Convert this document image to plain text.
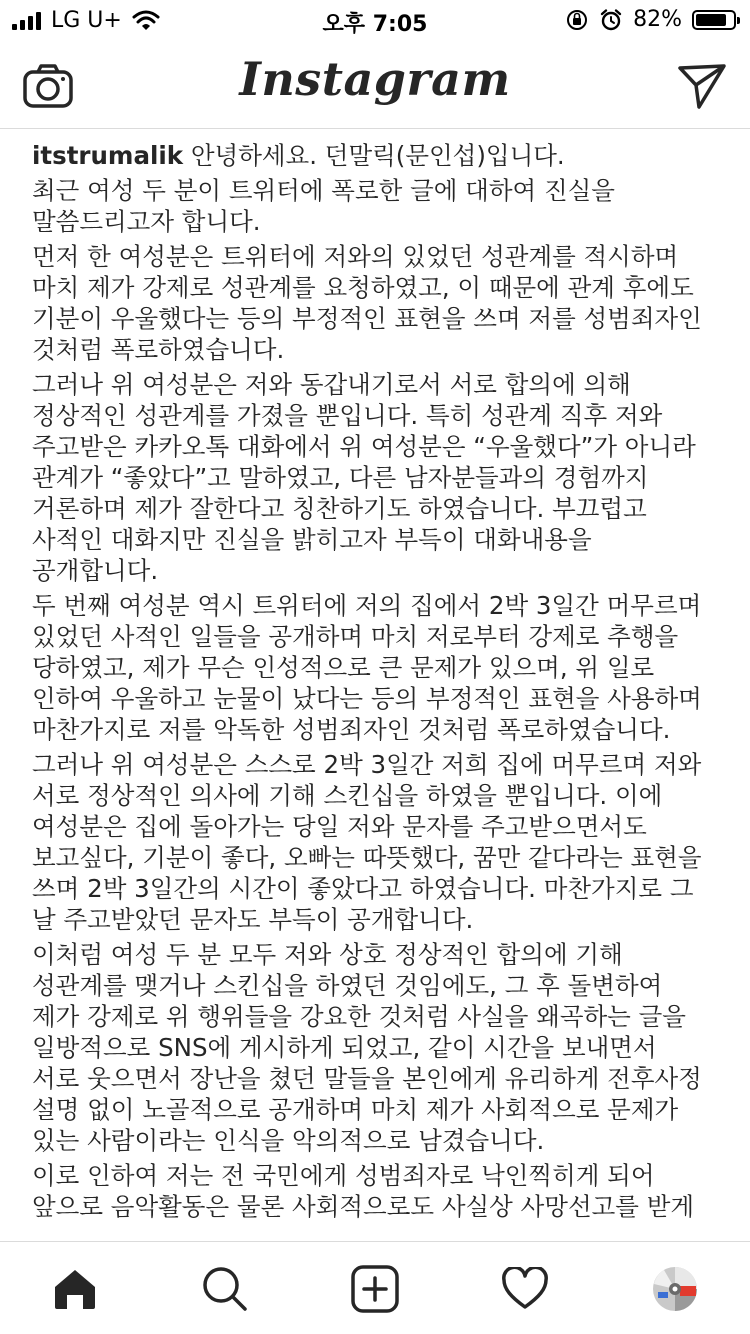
LG U+	오후 7:05	82%
Instagram

itstrumalik 안녕하세요. 던말릭(문인섭)입니다.

최근 여성 두 분이 트위터에 폭로한 글에 대하여 진실을
말씀드리고자 합니다.

먼저 한 여성분은 트위터에 저와의 있었던 성관계를 적시하며
마치 제가 강제로 성관계를 요청하였고, 이 때문에 관계 후에도
기분이 우울했다는 등의 부정적인 표현을 쓰며 저를 성범죄자인
것처럼 폭로하였습니다.

그러나 위 여성분은 저와 동갑내기로서 서로 합의에 의해
정상적인 성관계를 가졌을 뿐입니다. 특히 성관계 직후 저와
주고받은 카카오톡 대화에서 위 여성분은 “우울했다”가 아니라
관계가 “좋았다”고 말하였고, 다른 남자분들과의 경험까지
거론하며 제가 잘한다고 칭찬하기도 하였습니다. 부끄럽고
사적인 대화지만 진실을 밝히고자 부득이 대화내용을
공개합니다.

두 번째 여성분 역시 트위터에 저의 집에서 2박 3일간 머무르며
있었던 사적인 일들을 공개하며 마치 저로부터 강제로 추행을
당하였고, 제가 무슨 인성적으로 큰 문제가 있으며, 위 일로
인하여 우울하고 눈물이 났다는 등의 부정적인 표현을 사용하며
마찬가지로 저를 악독한 성범죄자인 것처럼 폭로하였습니다.

그러나 위 여성분은 스스로 2박 3일간 저희 집에 머무르며 저와
서로 정상적인 의사에 기해 스킨십을 하였을 뿐입니다. 이에
여성분은 집에 돌아가는 당일 저와 문자를 주고받으면서도
보고싶다, 기분이 좋다, 오빠는 따뜻했다, 꿈만 같다라는 표현을
쓰며 2박 3일간의 시간이 좋았다고 하였습니다. 마찬가지로 그
날 주고받았던 문자도 부득이 공개합니다.

이처럼 여성 두 분 모두 저와 상호 정상적인 합의에 기해
성관계를 맺거나 스킨십을 하였던 것임에도, 그 후 돌변하여
제가 강제로 위 행위들을 강요한 것처럼 사실을 왜곡하는 글을
일방적으로 SNS에 게시하게 되었고, 같이 시간을 보내면서
서로 웃으면서 장난을 쳤던 말들을 본인에게 유리하게 전후사정
설명 없이 노골적으로 공개하며 마치 제가 사회적으로 문제가
있는 사람이라는 인식을 악의적으로 남겼습니다.

이로 인하여 저는 전 국민에게 성범죄자로 낙인찍히게 되어
앞으로 음악활동은 물론 사회적으로도 사실상 사망선고를 받게
